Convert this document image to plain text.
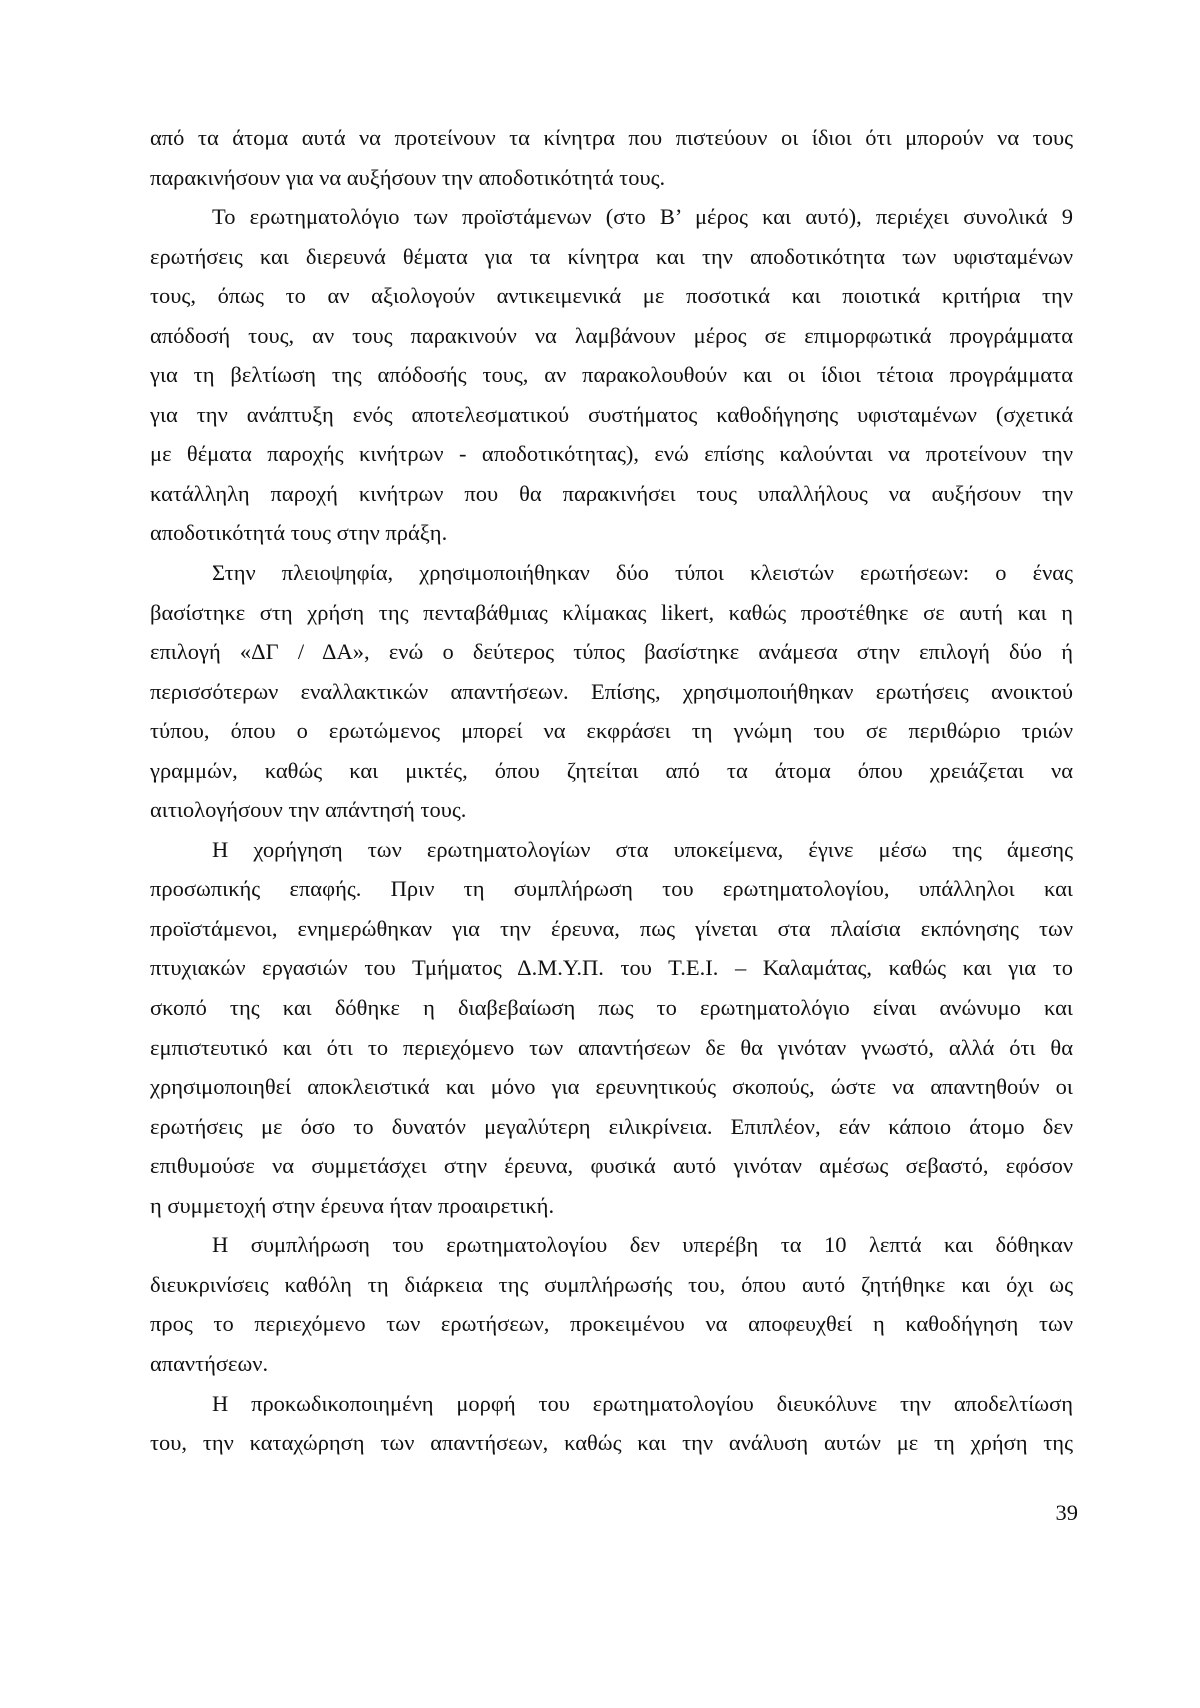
από τα άτομα αυτά να προτείνουν τα κίνητρα που πιστεύουν οι ίδιοι ότι μπορούν να τους
παρακινήσουν για να αυξήσουν την αποδοτικότητά τους.
Το ερωτηματολόγιο των προϊστάμενων (στο Β’ μέρος και αυτό), περιέχει συνολικά 9
ερωτήσεις και διερευνά θέματα για τα κίνητρα και την αποδοτικότητα των υφισταμένων
τους, όπως το αν αξιολογούν αντικειμενικά με ποσοτικά και ποιοτικά κριτήρια την
απόδοσή τους, αν τους παρακινούν να λαμβάνουν μέρος σε επιμορφωτικά προγράμματα
για τη βελτίωση της απόδοσής τους, αν παρακολουθούν και οι ίδιοι τέτοια προγράμματα
για την ανάπτυξη ενός αποτελεσματικού συστήματος καθοδήγησης υφισταμένων (σχετικά
με θέματα παροχής κινήτρων - αποδοτικότητας), ενώ επίσης καλούνται να προτείνουν την
κατάλληλη παροχή κινήτρων που θα παρακινήσει τους υπαλλήλους να αυξήσουν την
αποδοτικότητά τους στην πράξη.
Στην πλειοψηφία, χρησιμοποιήθηκαν δύο τύποι κλειστών ερωτήσεων: ο ένας
βασίστηκε στη χρήση της πενταβάθμιας κλίμακας likert, καθώς προστέθηκε σε αυτή και η
επιλογή «ΔΓ / ΔΑ», ενώ ο δεύτερος τύπος βασίστηκε ανάμεσα στην επιλογή δύο ή
περισσότερων εναλλακτικών απαντήσεων. Επίσης, χρησιμοποιήθηκαν ερωτήσεις ανοικτού
τύπου, όπου ο ερωτώμενος μπορεί να εκφράσει τη γνώμη του σε περιθώριο τριών
γραμμών, καθώς και μικτές, όπου ζητείται από τα άτομα όπου χρειάζεται να
αιτιολογήσουν την απάντησή τους.
Η χορήγηση των ερωτηματολογίων στα υποκείμενα, έγινε μέσω της άμεσης
προσωπικής επαφής. Πριν τη συμπλήρωση του ερωτηματολογίου, υπάλληλοι και
προϊστάμενοι, ενημερώθηκαν για την έρευνα, πως γίνεται στα πλαίσια εκπόνησης των
πτυχιακών εργασιών του Τμήματος Δ.Μ.Υ.Π. του Τ.Ε.Ι. – Καλαμάτας, καθώς και για το
σκοπό της και δόθηκε η διαβεβαίωση πως το ερωτηματολόγιο είναι ανώνυμο και
εμπιστευτικό και ότι το περιεχόμενο των απαντήσεων δε θα γινόταν γνωστό, αλλά ότι θα
χρησιμοποιηθεί αποκλειστικά και μόνο για ερευνητικούς σκοπούς, ώστε να απαντηθούν οι
ερωτήσεις με όσο το δυνατόν μεγαλύτερη ειλικρίνεια. Επιπλέον, εάν κάποιο άτομο δεν
επιθυμούσε να συμμετάσχει στην έρευνα, φυσικά αυτό γινόταν αμέσως σεβαστό, εφόσον
η συμμετοχή στην έρευνα ήταν προαιρετική.
Η συμπλήρωση του ερωτηματολογίου δεν υπερέβη τα 10 λεπτά και δόθηκαν
διευκρινίσεις καθόλη τη διάρκεια της συμπλήρωσής του, όπου αυτό ζητήθηκε και όχι ως
προς το περιεχόμενο των ερωτήσεων, προκειμένου να αποφευχθεί η καθοδήγηση των
απαντήσεων.
Η προκωδικοποιημένη μορφή του ερωτηματολογίου διευκόλυνε την αποδελτίωση
του, την καταχώρηση των απαντήσεων, καθώς και την ανάλυση αυτών με τη χρήση της
39
